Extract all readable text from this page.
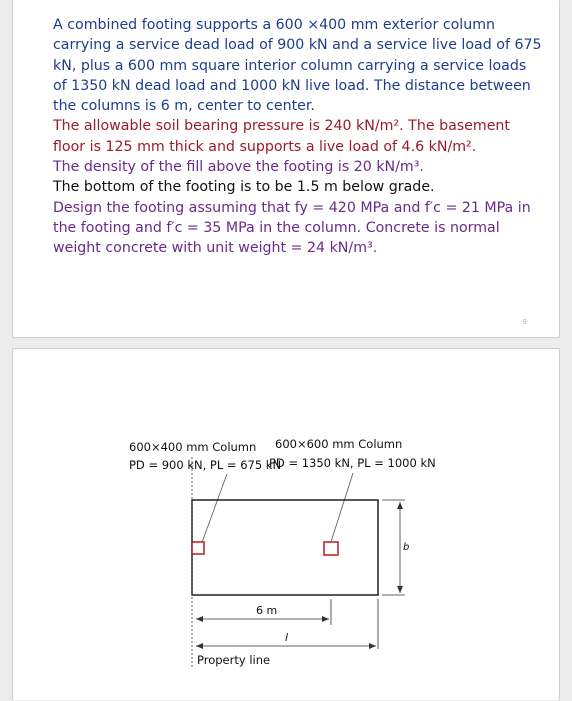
A combined footing supports a 600 ×400 mm exterior column carrying a service dead load of 900 kN and a service live load of 675 kN, plus a 600 mm square interior column carrying a service loads of 1350 kN dead load and 1000 kN live load. The distance between the columns is 6 m, center to center.
The allowable soil bearing pressure is 240 kN/m². The basement floor is 125 mm thick and supports a live load of 4.6 kN/m².
The density of the fill above the footing is 20 kN/m³.
The bottom of the footing is to be 1.5 m below grade.
Design the footing assuming that fy = 420 MPa and f′c = 21 MPa in the footing and f′c = 35 MPa in the column. Concrete is normal weight concrete with unit weight = 24 kN/m³.
9
600×400 mm Column
PD = 900 kN, PL = 675 kN
600×600 mm Column
PD = 1350 kN, PL = 1000 kN
Property line
6 m
l
b
